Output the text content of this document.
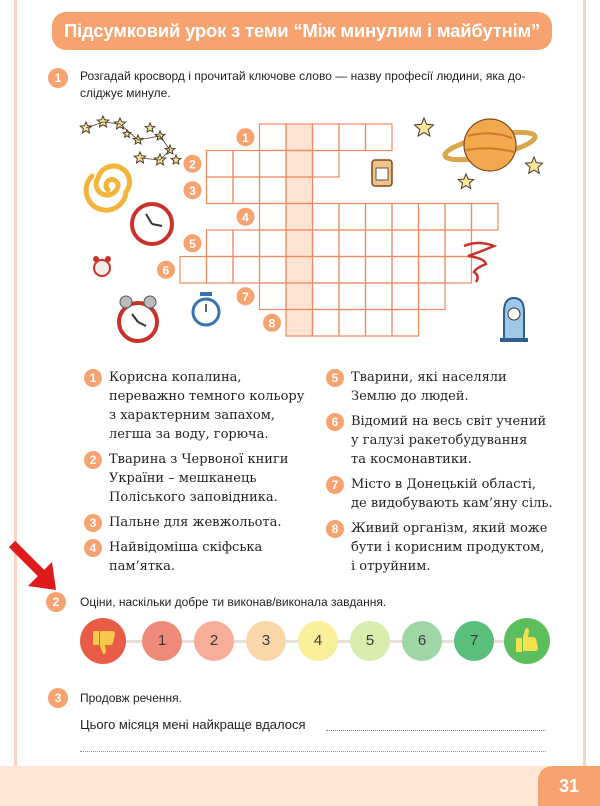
Підсумковий урок з теми “Між минулим і майбутнім”
1	Розгадай кросворд і прочитай ключове слово — назву професії людини, яка до-
сліджує минуле.
1
2
3
4
5
6
7
8
1 Корисна копалина,
переважно темного кольору
з характерним запахом,
легша за воду, горюча.
2 Тварина з Червоної книги
України – мешканець
Поліського заповідника.
3 Пальне для жевжольота.
4 Найвідоміша скіфська
пам’ятка.
5 Тварини, які населяли
Землю до людей.
6 Відомий на весь світ учений
у галузі ракетобудування
та космонавтики.
7 Місто в Донецькій області,
де видобувають кам’яну сіль.
8 Живий організм, який може
бути і корисним продуктом,
і отруйним.
2	Оціни, наскільки добре ти виконав/виконала завдання.
1	2	3	4	5	6	7
3	Продовж речення.
Цього місяця мені найкраще вдалося
31
